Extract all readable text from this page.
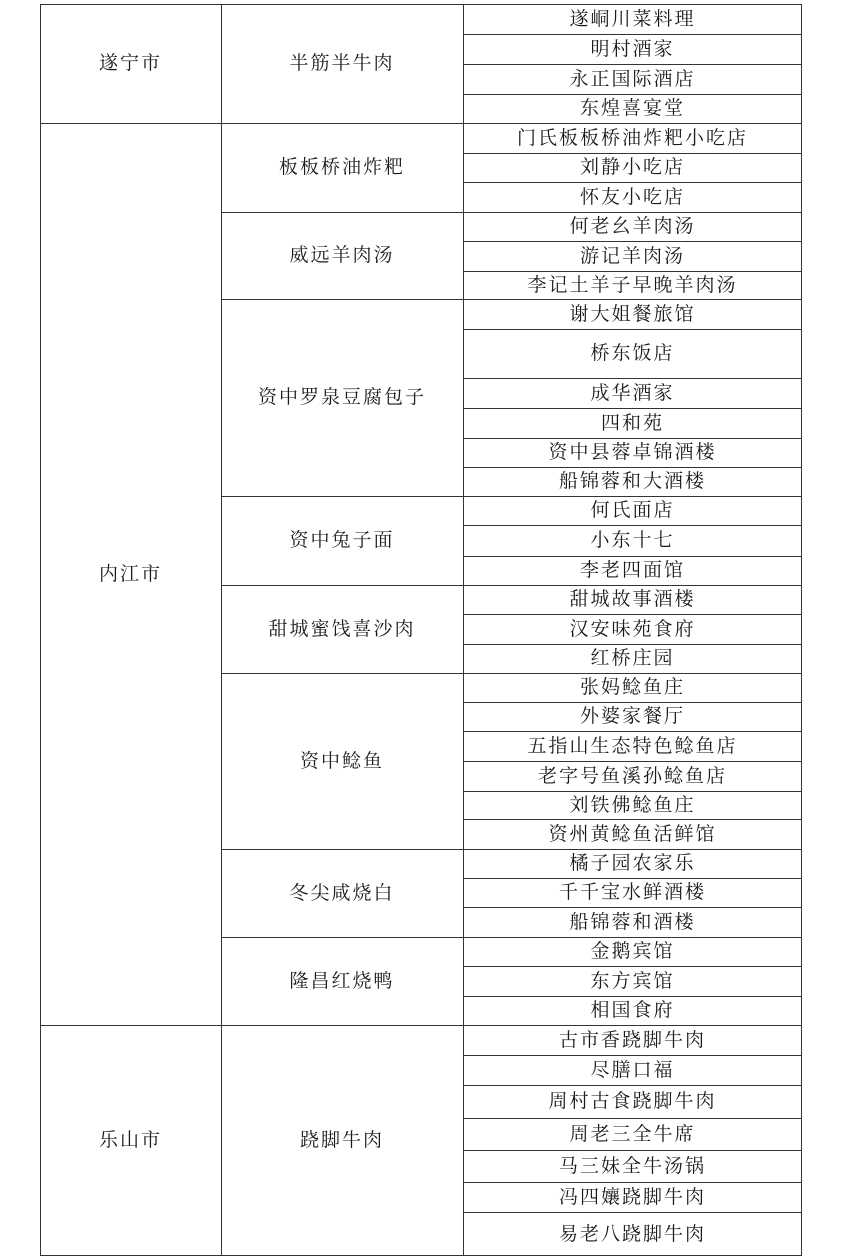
遂峒川菜料理
明村酒家
永正国际酒店
东煌喜宴堂
半筋半牛肉
遂宁市
门氏板板桥油炸粑小吃店
刘静小吃店
怀友小吃店
板板桥油炸粑
何老幺羊肉汤
游记羊肉汤
李记土羊子早晚羊肉汤
威远羊肉汤
谢大姐餐旅馆
桥东饭店
成华酒家
四和苑
资中县蓉卓锦酒楼
船锦蓉和大酒楼
资中罗泉豆腐包子
何氏面店
小东十七
李老四面馆
资中兔子面
甜城故事酒楼
汉安味苑食府
红桥庄园
甜城蜜饯喜沙肉
张妈鲶鱼庄
外婆家餐厅
五指山生态特色鲶鱼店
老字号鱼溪孙鲶鱼店
刘铁佛鲶鱼庄
资州黄鲶鱼活鲜馆
资中鲶鱼
橘子园农家乐
千千宝水鲜酒楼
船锦蓉和酒楼
冬尖咸烧白
金鹅宾馆
东方宾馆
相国食府
隆昌红烧鸭
内江市
古市香跷脚牛肉
尽膳口福
周村古食跷脚牛肉
周老三全牛席
马三妹全牛汤锅
冯四孃跷脚牛肉
易老八跷脚牛肉
跷脚牛肉
乐山市
